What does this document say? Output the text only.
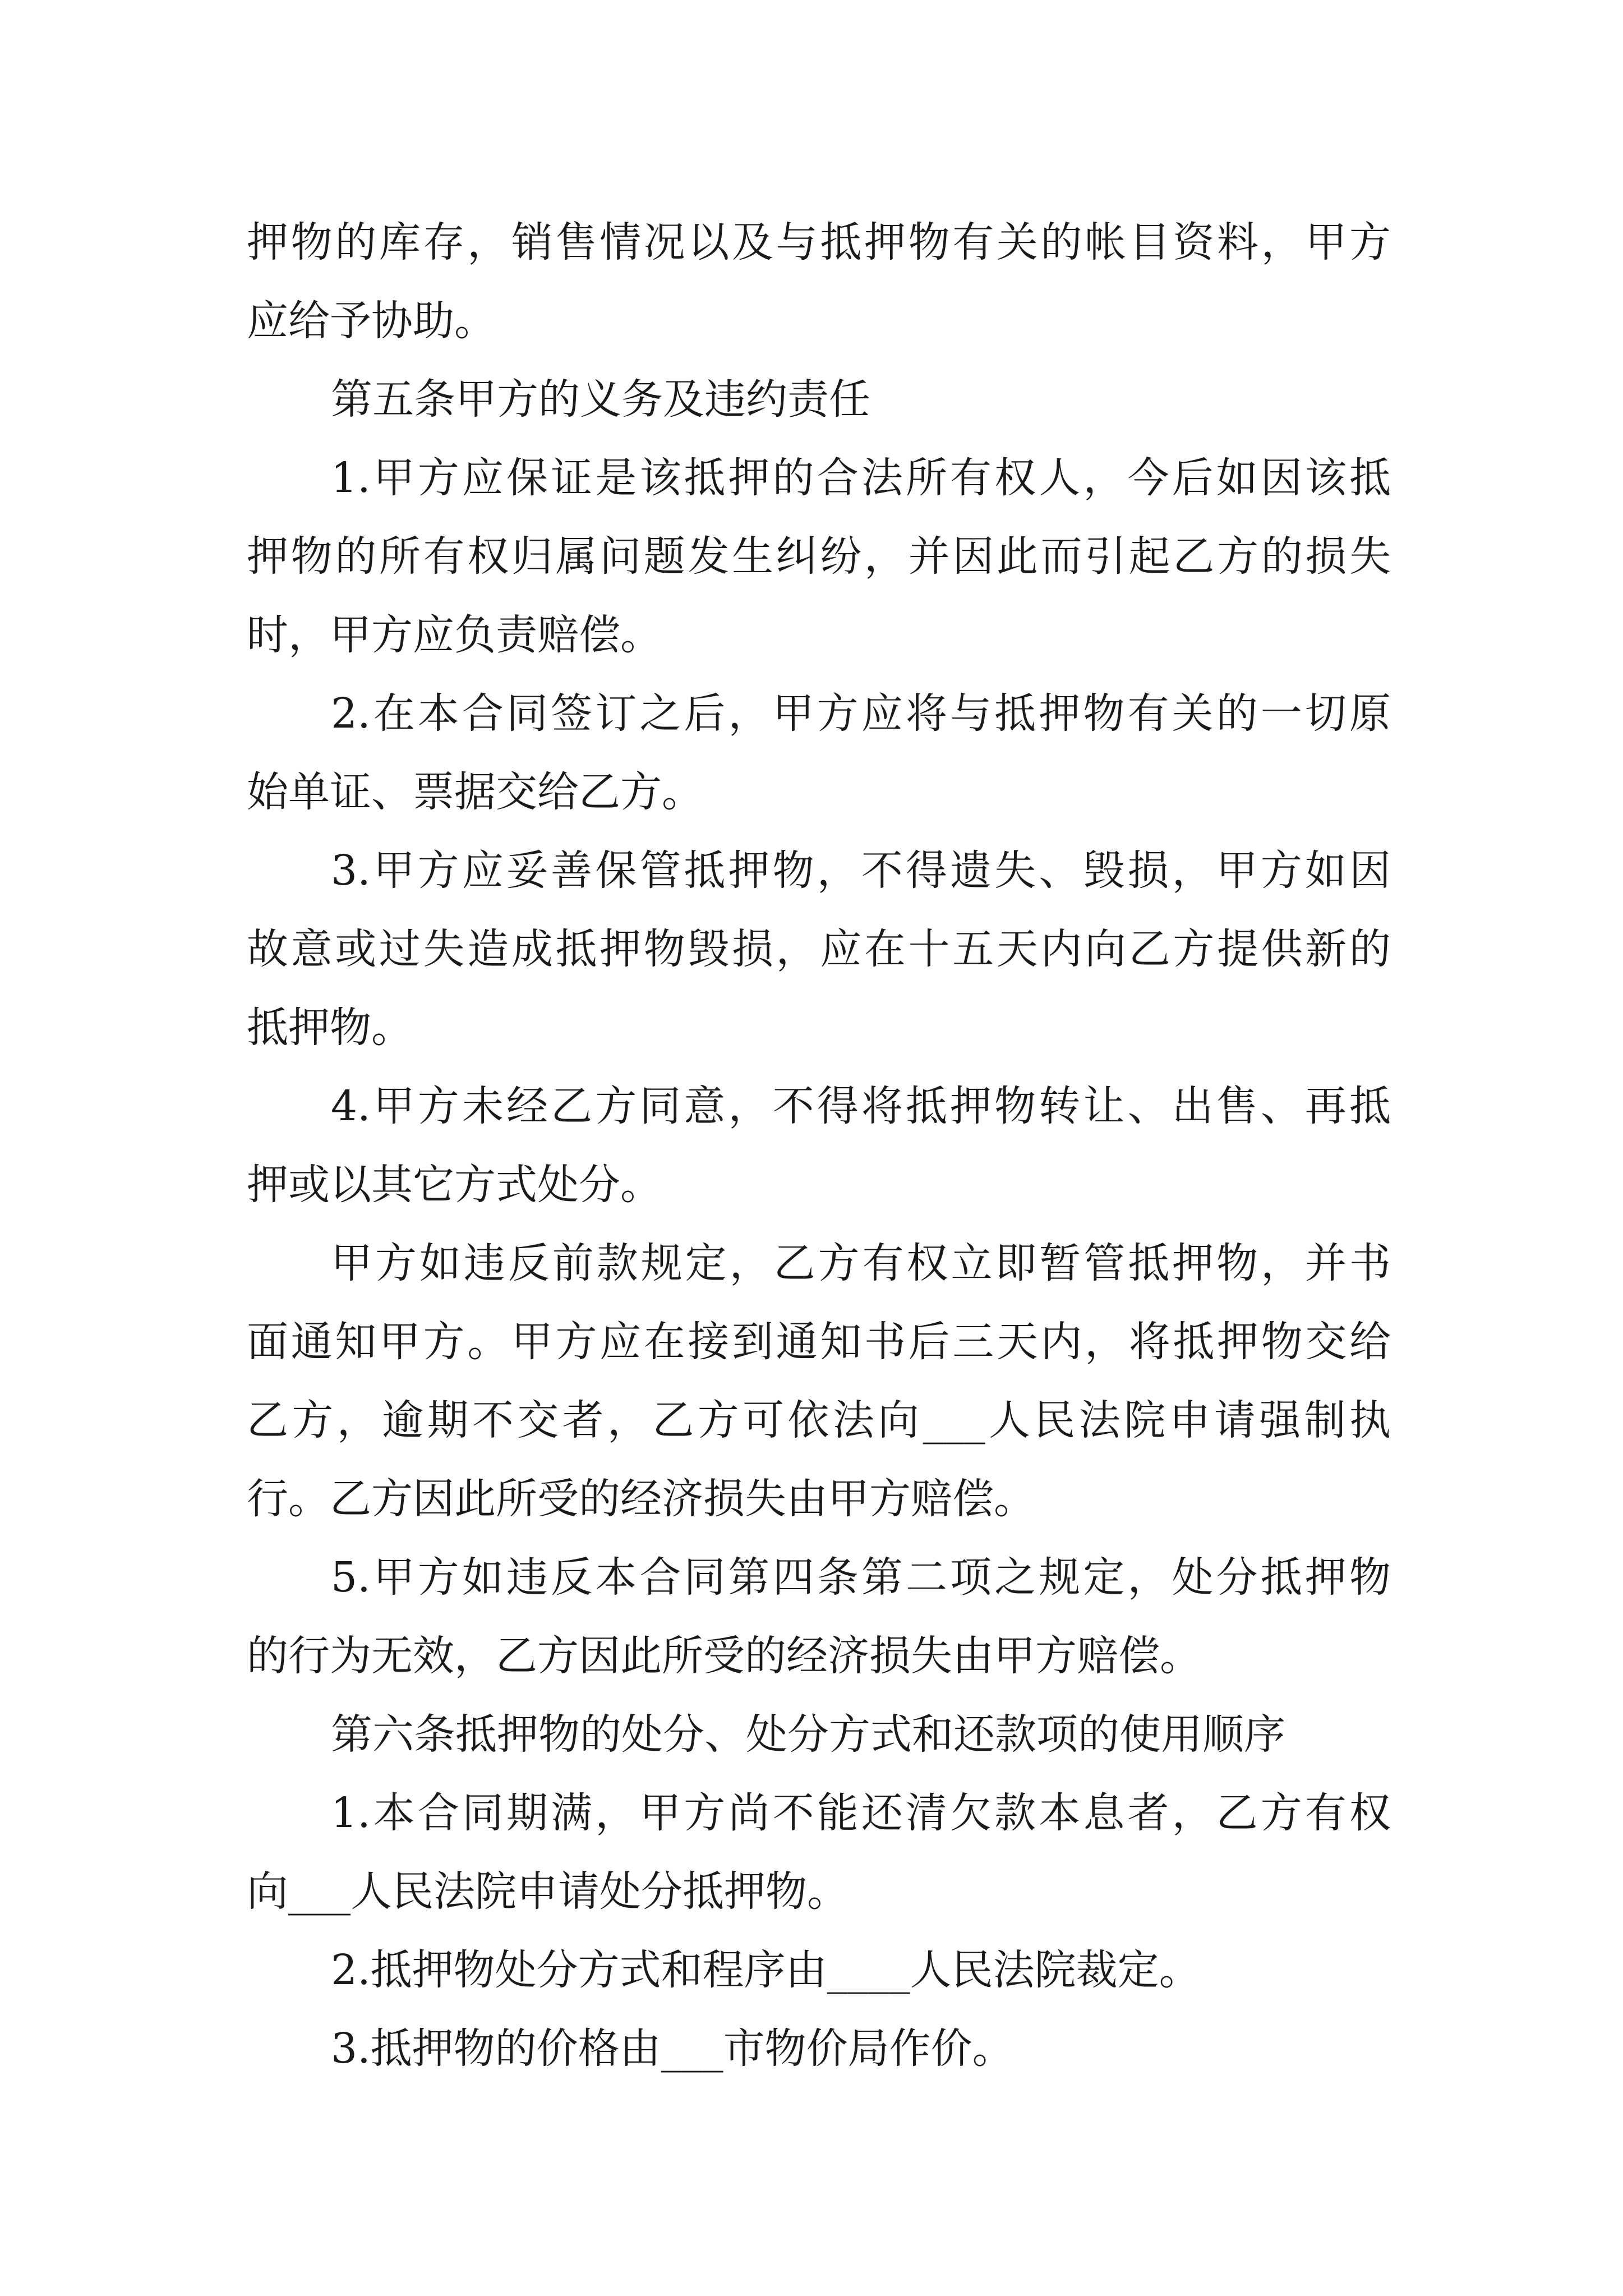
押物的库存，销售情况以及与抵押物有关的帐目资料，甲方
应给予协助。
第五条甲方的义务及违约责任
1.甲方应保证是该抵押的合法所有权人，今后如因该抵
押物的所有权归属问题发生纠纷，并因此而引起乙方的损失
时，甲方应负责赔偿。
2.在本合同签订之后，甲方应将与抵押物有关的一切原
始单证、票据交给乙方。
3.甲方应妥善保管抵押物，不得遗失、毁损，甲方如因
故意或过失造成抵押物毁损，应在十五天内向乙方提供新的
抵押物。
4.甲方未经乙方同意，不得将抵押物转让、出售、再抵
押或以其它方式处分。
甲方如违反前款规定，乙方有权立即暂管抵押物，并书
面通知甲方。甲方应在接到通知书后三天内，将抵押物交给
乙方，逾期不交者，乙方可依法向___人民法院申请强制执
行。乙方因此所受的经济损失由甲方赔偿。
5.甲方如违反本合同第四条第二项之规定，处分抵押物
的行为无效，乙方因此所受的经济损失由甲方赔偿。
第六条抵押物的处分、处分方式和还款项的使用顺序
1.本合同期满，甲方尚不能还清欠款本息者，乙方有权
向___人民法院申请处分抵押物。
2.抵押物处分方式和程序由____人民法院裁定。
3.抵押物的价格由___市物价局作价。
